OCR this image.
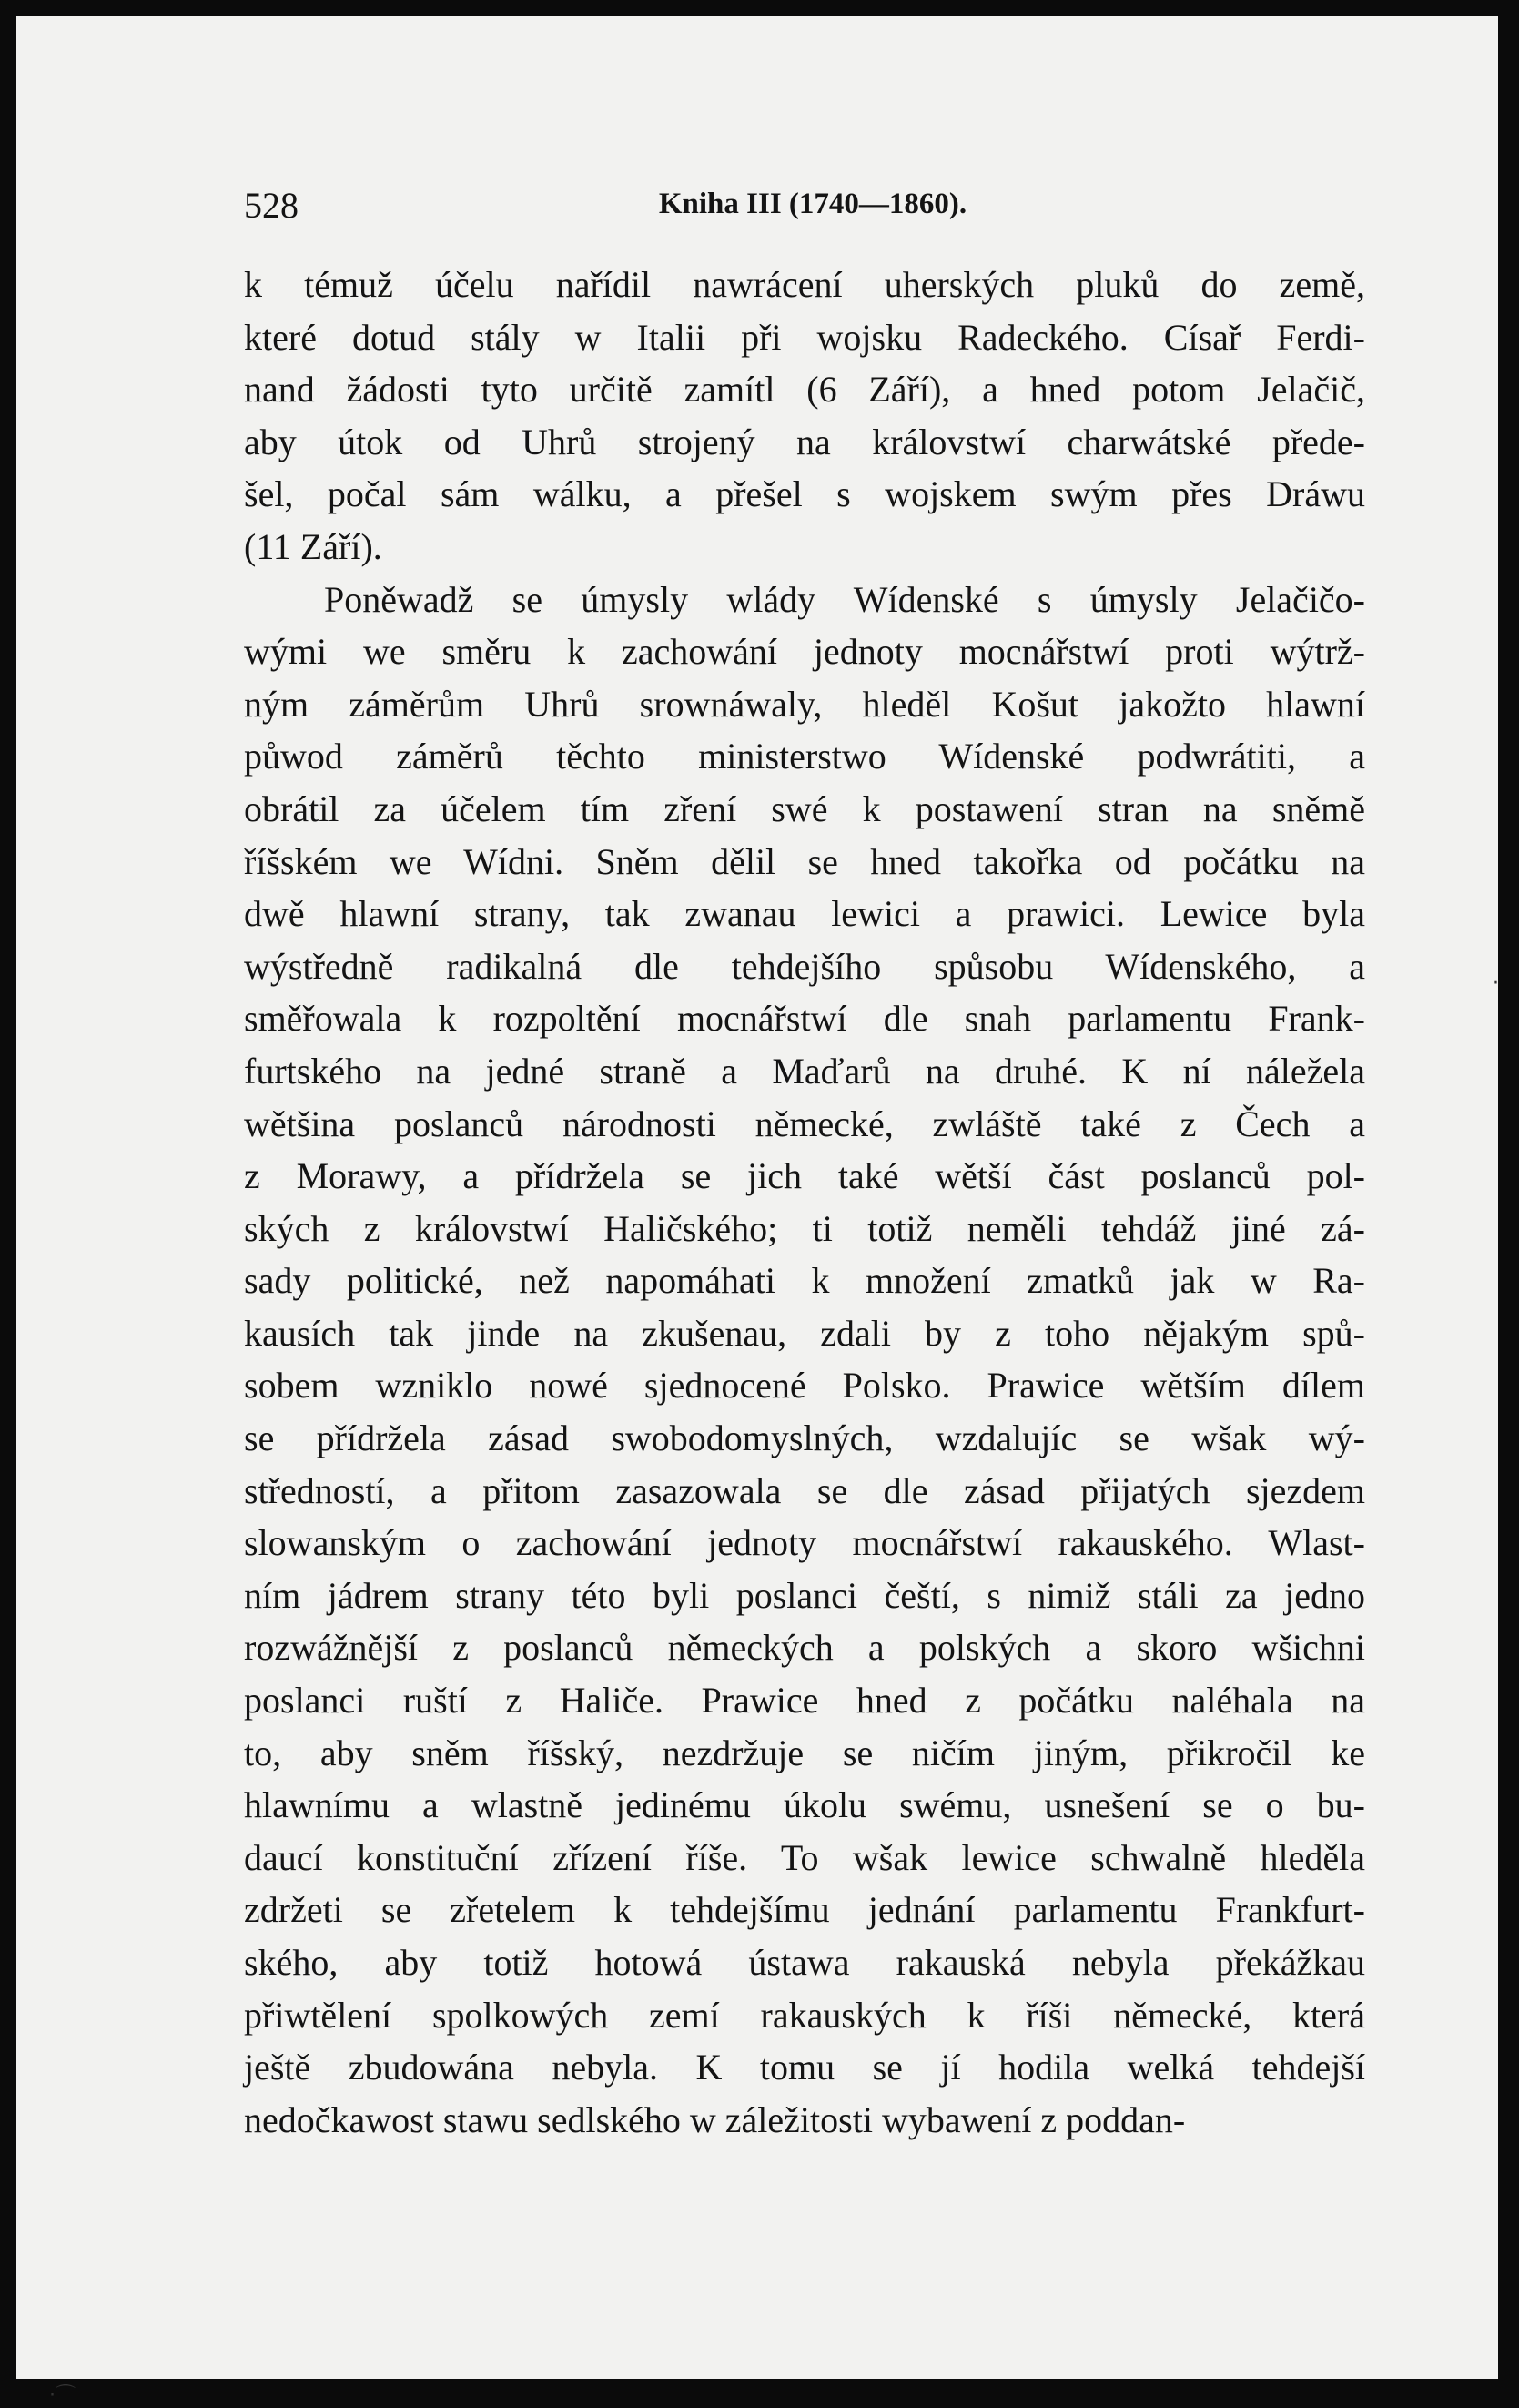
528	Kniha III (1740—1860).
k témuž účelu nařídil nawrácení uherských pluků do země,
které dotud stály w Italii při wojsku Radeckého. Císař Ferdi-
nand žádosti tyto určitě zamítl (6 Září), a hned potom Jelačič,
aby útok od Uhrů strojený na královstwí charwátské přede-
šel, počal sám wálku, a přešel s wojskem swým přes Dráwu
(11 Září).
Poněwadž se úmysly wlády Wídenské s úmysly Jelačičo-
wými we směru k zachowání jednoty mocnářstwí proti wýtrž-
ným záměrům Uhrů srownáwaly, hleděl Košut jakožto hlawní
půwod záměrů těchto ministerstwo Wídenské podwrátiti, a
obrátil za účelem tím zření swé k postawení stran na sněmě
říšském we Wídni. Sněm dělil se hned takořka od počátku na
dwě hlawní strany, tak zwanau lewici a prawici. Lewice byla
wýstředně radikalná dle tehdejšího spůsobu Wídenského, a
směřowala k rozpoltění mocnářstwí dle snah parlamentu Frank-
furtského na jedné straně a Maďarů na druhé. K ní náležela
wětšina poslanců národnosti německé, zwláště také z Čech a
z Morawy, a přídržela se jich také wětší část poslanců pol-
ských z královstwí Haličského; ti totiž neměli tehdáž jiné zá-
sady politické, než napomáhati k množení zmatků jak w Ra-
kausích tak jinde na zkušenau, zdali by z toho nějakým spů-
sobem wzniklo nowé sjednocené Polsko. Prawice wětším dílem
se přídržela zásad swobodomyslných, wzdalujíc se wšak wý-
středností, a přitom zasazowala se dle zásad přijatých sjezdem
slowanským o zachowání jednoty mocnářstwí rakauského. Wlast-
ním jádrem strany této byli poslanci čeští, s nimiž stáli za jedno
rozwážnější z poslanců německých a polských a skoro wšichni
poslanci ruští z Haliče. Prawice hned z počátku naléhala na
to, aby sněm říšský, nezdržuje se ničím jiným, přikročil ke
hlawnímu a wlastně jedinému úkolu swému, usnešení se o bu-
daucí konstituční zřízení říše. To wšak lewice schwalně hleděla
zdržeti se zřetelem k tehdejšímu jednání parlamentu Frankfurt-
ského, aby totiž hotowá ústawa rakauská nebyla překážkau
přiwtělení spolkowých zemí rakauských k říši německé, která
ještě zbudowána nebyla. K tomu se jí hodila welká tehdejší
nedočkawost stawu sedlského w záležitosti wybawení z poddan-
·
·⌒
